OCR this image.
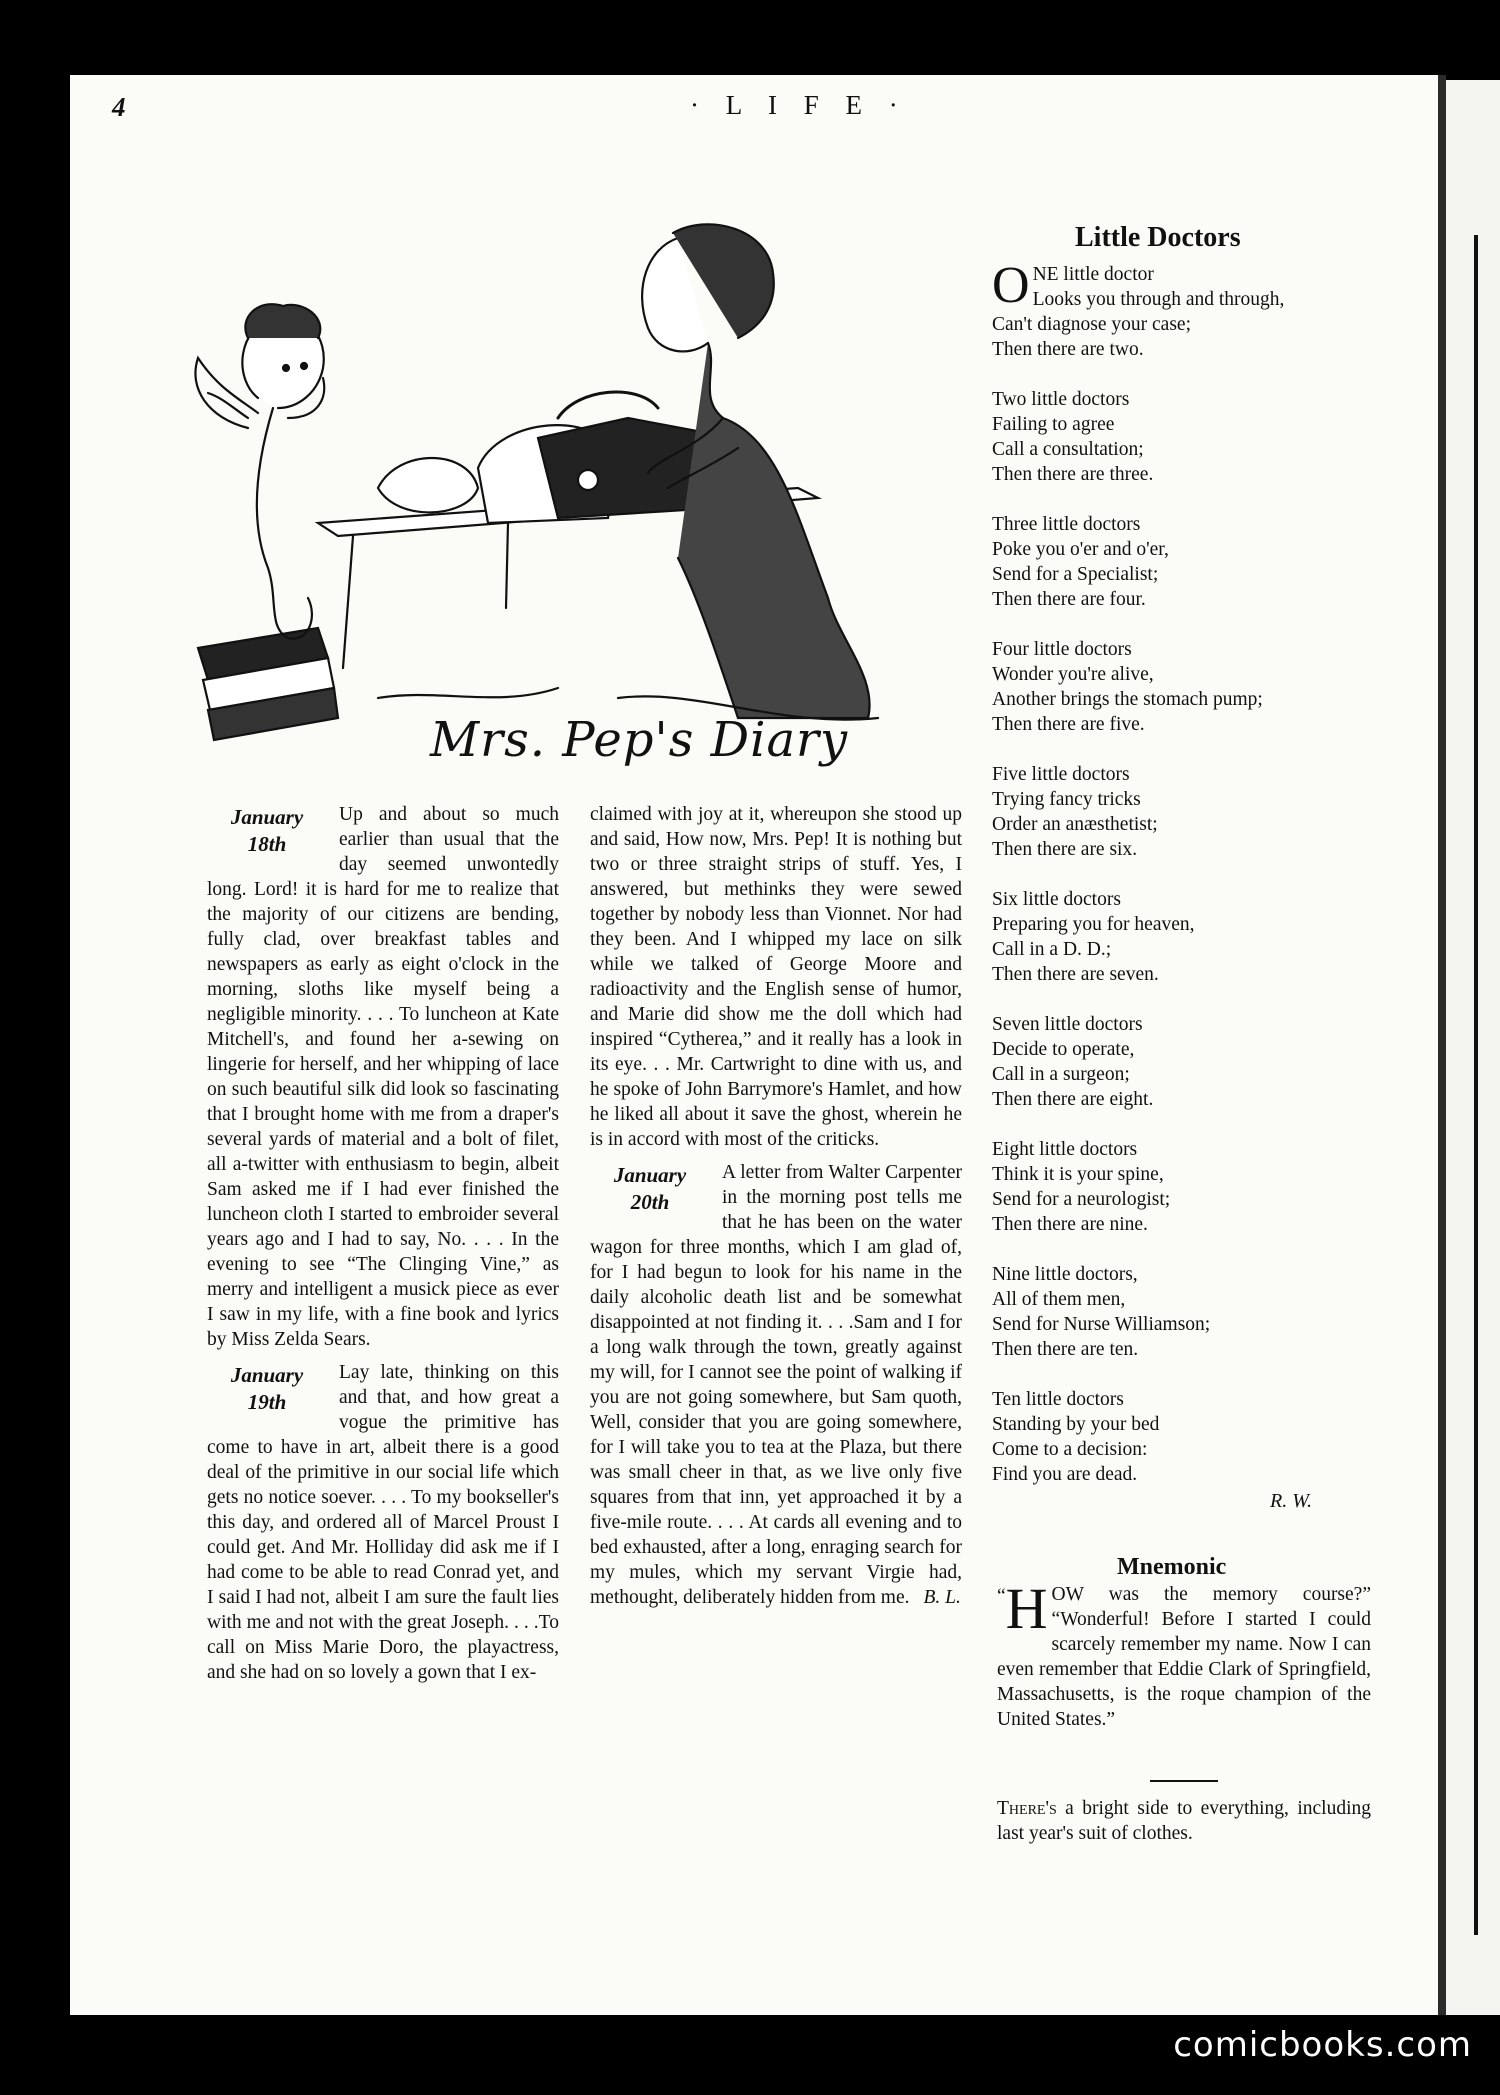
4	· L I F E ·
Mrs. Pep's Diary
January
18th

Up and about so much earlier than usual that the day seemed unwontedly long. Lord! it is hard for me to realize that the majority of our citizens are bending, fully clad, over breakfast tables and newspapers as early as eight o'clock in the morning, sloths like myself being a negligible minority. . . . To luncheon at Kate Mitchell's, and found her a-sewing on lingerie for herself, and her whipping of lace on such beautiful silk did look so fascinating that I brought home with me from a draper's several yards of material and a bolt of filet, all a-twitter with enthusiasm to begin, albeit Sam asked me if I had ever finished the luncheon cloth I started to embroider several years ago and I had to say, No. . . . In the evening to see “The Clinging Vine,” as merry and intelligent a musick piece as ever I saw in my life, with a fine book and lyrics by Miss Zelda Sears.

January
19th

Lay late, thinking on this and that, and how great a vogue the primitive has come to have in art, albeit there is a good deal of the primitive in our social life which gets no notice soever. . . . To my bookseller's this day, and ordered all of Marcel Proust I could get. And Mr. Holliday did ask me if I had come to be able to read Conrad yet, and I said I had not, albeit I am sure the fault lies with me and not with the great Joseph. . . .To call on Miss Marie Doro, the playactress, and she had on so lovely a gown that I ex-

claimed with joy at it, whereupon she stood up and said, How now, Mrs. Pep! It is nothing but two or three straight strips of stuff. Yes, I answered, but methinks they were sewed together by nobody less than Vionnet. Nor had they been. And I whipped my lace on silk while we talked of George Moore and radioactivity and the English sense of humor, and Marie did show me the doll which had inspired “Cytherea,” and it really has a look in its eye. . . Mr. Cartwright to dine with us, and he spoke of John Barrymore's Hamlet, and how he liked all about it save the ghost, wherein he is in accord with most of the criticks.

January
20th

A letter from Walter Carpenter in the morning post tells me that he has been on the water wagon for three months, which I am glad of, for I had begun to look for his name in the daily alcoholic death list and be somewhat disappointed at not finding it. . . .Sam and I for a long walk through the town, greatly against my will, for I cannot see the point of walking if you are not going somewhere, but Sam quoth, Well, consider that you are going somewhere, for I will take you to tea at the Plaza, but there was small cheer in that, as we live only five squares from that inn, yet approached it by a five-mile route. . . . At cards all evening and to bed exhausted, after a long, enraging search for my mules, which my servant Virgie had, methought, deliberately hidden from me. B. L.

Little Doctors
O NE little doctor
Looks you through and through,
Can't diagnose your case;
Then there are two.
Two little doctors
Failing to agree
Call a consultation;
Then there are three.
Three little doctors
Poke you o'er and o'er,
Send for a Specialist;
Then there are four.
Four little doctors
Wonder you're alive,
Another brings the stomach pump;
Then there are five.
Five little doctors
Trying fancy tricks
Order an anæsthetist;
Then there are six.
Six little doctors
Preparing you for heaven,
Call in a D. D.;
Then there are seven.
Seven little doctors
Decide to operate,
Call in a surgeon;
Then there are eight.
Eight little doctors
Think it is your spine,
Send for a neurologist;
Then there are nine.
Nine little doctors,
All of them men,
Send for Nurse Williamson;
Then there are ten.
Ten little doctors
Standing by your bed
Come to a decision:
Find you are dead.
R. W.
Mnemonic
“ H OW was the memory course?” “Wonderful! Before I started I could scarcely remember my name. Now I can even remember that Eddie Clark of Springfield, Massachusetts, is the roque champion of the United States.”
There's a bright side to everything, including last year's suit of clothes.
comicbooks.com
